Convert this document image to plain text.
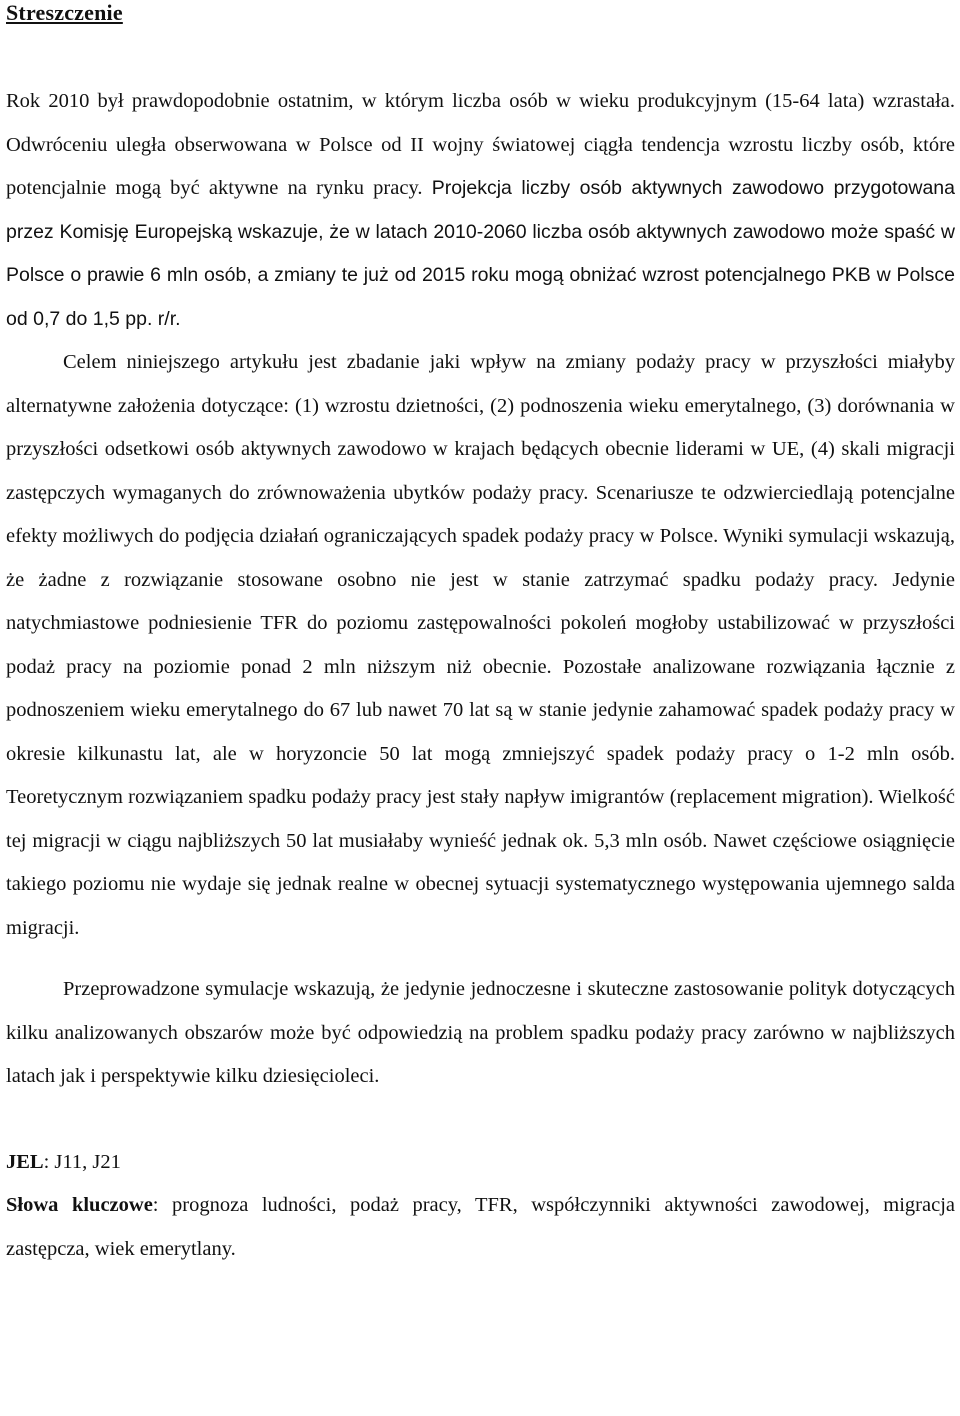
Streszczenie

Rok 2010 był prawdopodobnie ostatnim, w którym liczba osób w wieku produkcyjnym (15-64 lata) wzrastała. Odwróceniu uległa obserwowana w Polsce od II wojny światowej ciągła tendencja wzrostu liczby osób, które potencjalnie mogą być aktywne na rynku pracy. Projekcja liczby osób aktywnych zawodowo przygotowana przez Komisję Europejską wskazuje, że w latach 2010-2060 liczba osób aktywnych zawodowo może spaść w Polsce o prawie 6 mln osób, a zmiany te już od 2015 roku mogą obniżać wzrost potencjalnego PKB w Polsce od 0,7 do 1,5 pp. r/r.

Celem niniejszego artykułu jest zbadanie jaki wpływ na zmiany podaży pracy w przyszłości miałyby alternatywne założenia dotyczące: (1) wzrostu dzietności, (2) podnoszenia wieku emerytalnego, (3) dorównania w przyszłości odsetkowi osób aktywnych zawodowo w krajach będących obecnie liderami w UE, (4) skali migracji zastępczych wymaganych do zrównoważenia ubytków podaży pracy. Scenariusze te odzwierciedlają potencjalne efekty możliwych do podjęcia działań ograniczających spadek podaży pracy w Polsce. Wyniki symulacji wskazują, że żadne z rozwiązanie stosowane osobno nie jest w stanie zatrzymać spadku podaży pracy. Jedynie natychmiastowe podniesienie TFR do poziomu zastępowalności pokoleń mogłoby ustabilizować w przyszłości podaż pracy na poziomie ponad 2 mln niższym niż obecnie. Pozostałe analizowane rozwiązania łącznie z podnoszeniem wieku emerytalnego do 67 lub nawet 70 lat są w stanie jedynie zahamować spadek podaży pracy w okresie kilkunastu lat, ale w horyzoncie 50 lat mogą zmniejszyć spadek podaży pracy o 1-2 mln osób. Teoretycznym rozwiązaniem spadku podaży pracy jest stały napływ imigrantów (replacement migration). Wielkość tej migracji w ciągu najbliższych 50 lat musiałaby wynieść jednak ok. 5,3 mln osób. Nawet częściowe osiągnięcie takiego poziomu nie wydaje się jednak realne w obecnej sytuacji systematycznego występowania ujemnego salda migracji.

Przeprowadzone symulacje wskazują, że jedynie jednoczesne i skuteczne zastosowanie polityk dotyczących kilku analizowanych obszarów może być odpowiedzią na problem spadku podaży pracy zarówno w najbliższych latach jak i perspektywie kilku dziesięcioleci.

JEL: J11, J21

Słowa kluczowe: prognoza ludności, podaż pracy, TFR, współczynniki aktywności zawodowej, migracja zastępcza, wiek emerytlany.
